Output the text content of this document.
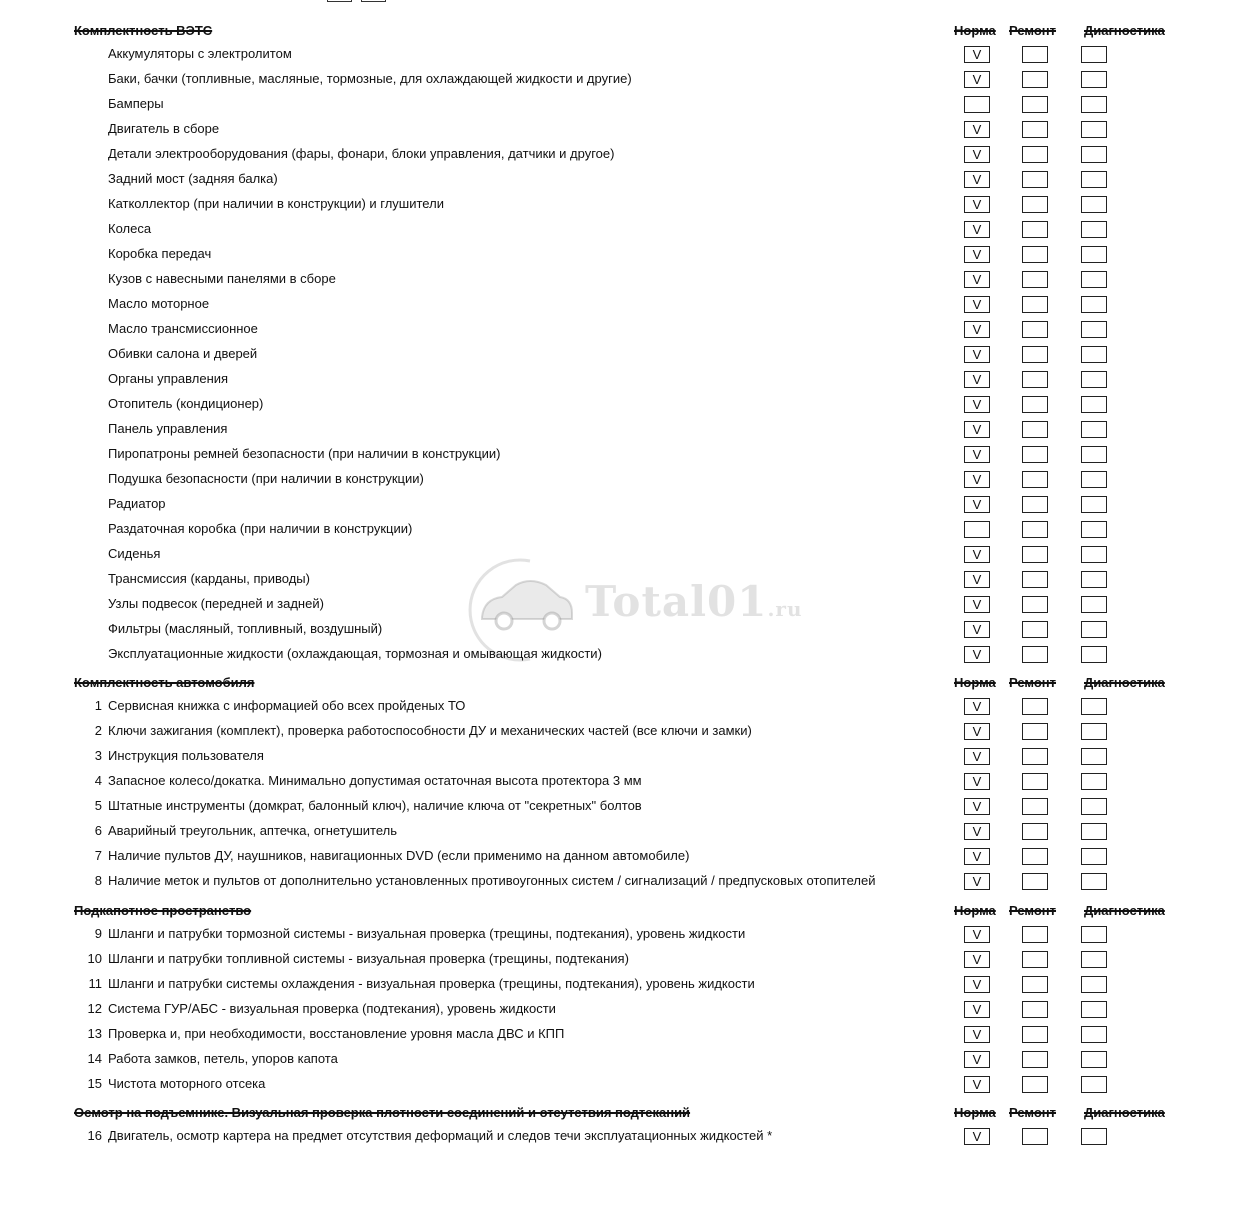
Total01.ru
Комплектность ВЭТС	Норма Ремонт Диагностика
Аккумуляторы с электролитом	V
Баки, бачки (топливные, масляные, тормозные, для охлаждающей жидкости и другие)	V
Бамперы
Двигатель в сборе	V
Детали электрооборудования (фары, фонари, блоки управления, датчики и другое)	V
Задний мост (задняя балка)	V
Катколлектор (при наличии в конструкции) и глушители	V
Колеса	V
Коробка передач	V
Кузов с навесными панелями в сборе	V
Масло моторное	V
Масло трансмиссионное	V
Обивки салона и дверей	V
Органы управления	V
Отопитель (кондиционер)	V
Панель управления	V
Пиропатроны ремней безопасности (при наличии в конструкции)	V
Подушка безопасности (при наличии в конструкции)	V
Радиатор	V
Раздаточная коробка (при наличии в конструкции)
Сиденья	V
Трансмиссия (карданы, приводы)	V
Узлы подвесок (передней и задней)	V
Фильтры (масляный, топливный, воздушный)	V
Эксплуатационные жидкости (охлаждающая, тормозная и омывающая жидкости)	V
Комплектность автомобиля	Норма Ремонт Диагностика
1 Сервисная книжка с информацией обо всех пройденых ТО	V
2 Ключи зажигания (комплект), проверка работоспособности ДУ и механических частей (все ключи и замки)	V
3 Инструкция пользователя	V
4 Запасное колесо/докатка. Минимально допустимая остаточная высота протектора 3 мм	V
5 Штатные инструменты (домкрат, балонный ключ), наличие ключа от "секретных" болтов	V
6 Аварийный треугольник, аптечка, огнетушитель	V
7 Наличие пультов ДУ, наушников, навигационных DVD (если применимо на данном автомобиле)	V
8 Наличие меток и пультов от дополнительно установленных противоугонных систем / сигнализаций / предпусковых отопителей	V
Подкапотное пространство	Норма Ремонт Диагностика
9 Шланги и патрубки тормозной системы - визуальная проверка (трещины, подтекания), уровень жидкости	V
10 Шланги и патрубки топливной системы - визуальная проверка (трещины, подтекания)	V
11 Шланги и патрубки системы охлаждения - визуальная проверка (трещины, подтекания), уровень жидкости	V
12 Система ГУР/АБС - визуальная проверка (подтекания), уровень жидкости	V
13 Проверка и, при необходимости, восстановление уровня масла ДВС и КПП	V
14 Работа замков, петель, упоров капота	V
15 Чистота моторного отсека	V
Осмотр на подъемнике. Визуальная проверка плотности соединений и отсутствия подтеканий	Норма Ремонт Диагностика
16 Двигатель, осмотр картера на предмет отсутствия деформаций и следов течи эксплуатационных жидкостей *	V
